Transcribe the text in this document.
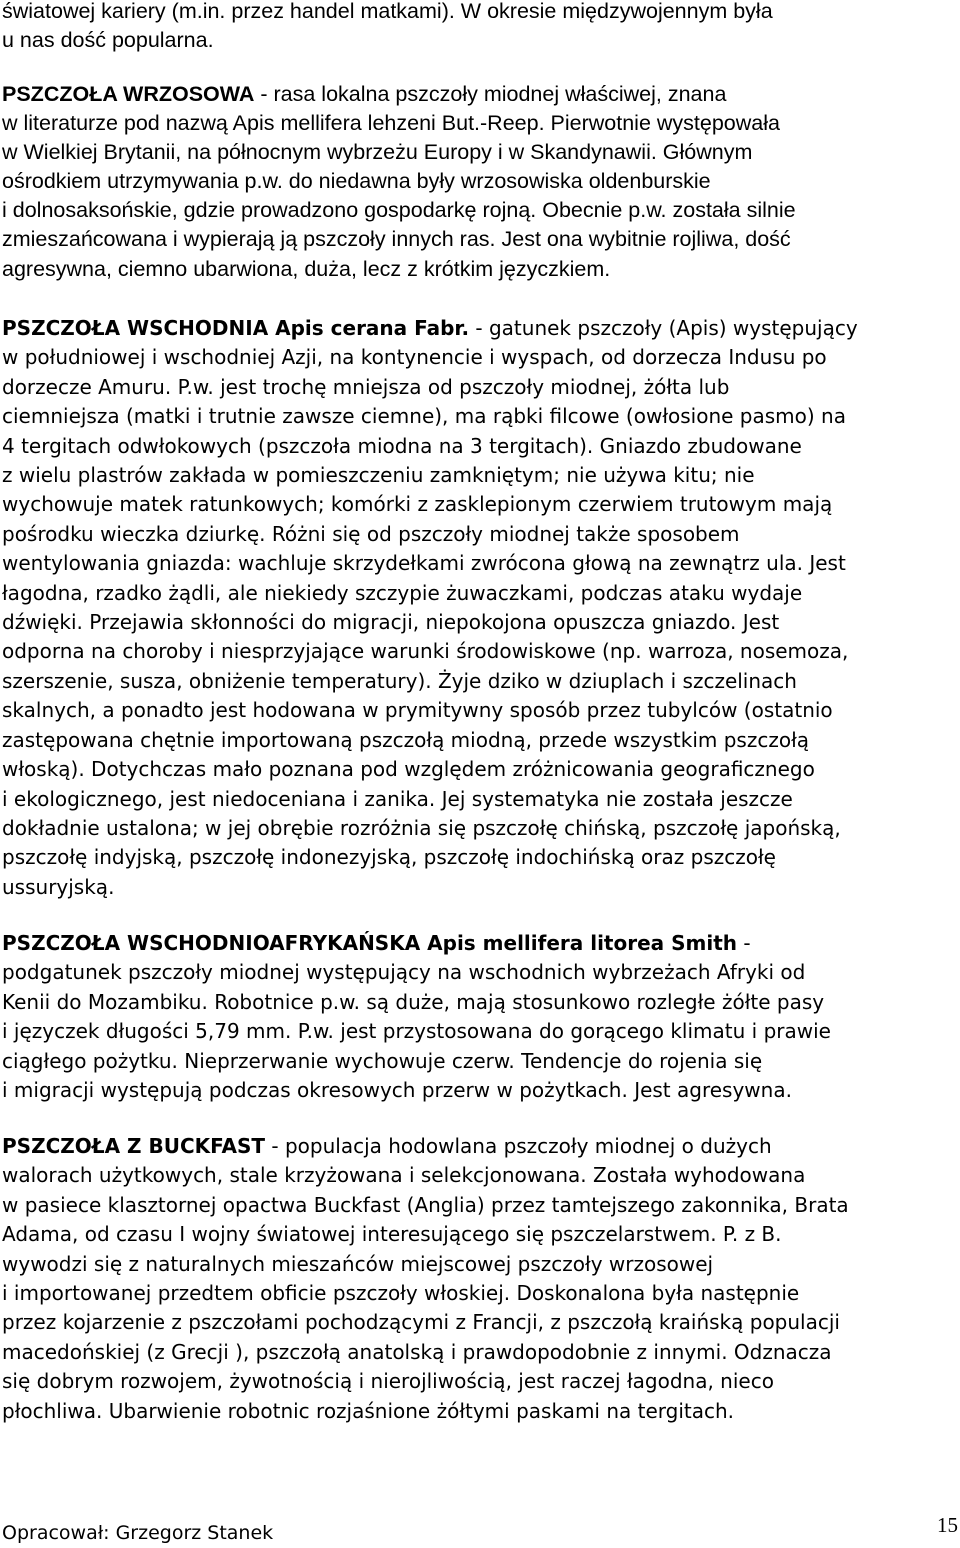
światowej kariery (m.in. przez handel matkami). W okresie międzywojennym była
u nas dość popularna.

PSZCZOŁA WRZOSOWA - rasa lokalna pszczoły miodnej właściwej, znana
w literaturze pod nazwą Apis mellifera lehzeni But.-Reep. Pierwotnie występowała
w Wielkiej Brytanii, na północnym wybrzeżu Europy i w Skandynawii. Głównym
ośrodkiem utrzymywania p.w. do niedawna były wrzosowiska oldenburskie
i dolnosaksońskie, gdzie prowadzono gospodarkę rojną. Obecnie p.w. została silnie
zmieszańcowana i wypierają ją pszczoły innych ras. Jest ona wybitnie rojliwa, dość
agresywna, ciemno ubarwiona, duża, lecz z krótkim języczkiem.

PSZCZOŁA WSCHODNIA Apis cerana Fabr. - gatunek pszczoły (Apis) występujący
w południowej i wschodniej Azji, na kontynencie i wyspach, od dorzecza Indusu po
dorzecze Amuru. P.w. jest trochę mniejsza od pszczoły miodnej, żółta lub
ciemniejsza (matki i trutnie zawsze ciemne), ma rąbki filcowe (owłosione pasmo) na
4 tergitach odwłokowych (pszczoła miodna na 3 tergitach). Gniazdo zbudowane
z wielu plastrów zakłada w pomieszczeniu zamkniętym; nie używa kitu; nie
wychowuje matek ratunkowych; komórki z zasklepionym czerwiem trutowym mają
pośrodku wieczka dziurkę. Różni się od pszczoły miodnej także sposobem
wentylowania gniazda: wachluje skrzydełkami zwrócona głową na zewnątrz ula. Jest
łagodna, rzadko żądli, ale niekiedy szczypie żuwaczkami, podczas ataku wydaje
dźwięki. Przejawia skłonności do migracji, niepokojona opuszcza gniazdo. Jest
odporna na choroby i niesprzyjające warunki środowiskowe (np. warroza, nosemoza,
szerszenie, susza, obniżenie temperatury). Żyje dziko w dziuplach i szczelinach
skalnych, a ponadto jest hodowana w prymitywny sposób przez tubylców (ostatnio
zastępowana chętnie importowaną pszczołą miodną, przede wszystkim pszczołą
włoską). Dotychczas mało poznana pod względem zróżnicowania geograficznego
i ekologicznego, jest niedoceniana i zanika. Jej systematyka nie została jeszcze
dokładnie ustalona; w jej obrębie rozróżnia się pszczołę chińską, pszczołę japońską,
pszczołę indyjską, pszczołę indonezyjską, pszczołę indochińską oraz pszczołę
ussuryjską.

PSZCZOŁA WSCHODNIOAFRYKAŃSKA Apis mellifera litorea Smith -
podgatunek pszczoły miodnej występujący na wschodnich wybrzeżach Afryki od
Kenii do Mozambiku. Robotnice p.w. są duże, mają stosunkowo rozległe żółte pasy
i języczek długości 5,79 mm. P.w. jest przystosowana do gorącego klimatu i prawie
ciągłego pożytku. Nieprzerwanie wychowuje czerw. Tendencje do rojenia się
i migracji występują podczas okresowych przerw w pożytkach. Jest agresywna.

PSZCZOŁA Z BUCKFAST - populacja hodowlana pszczoły miodnej o dużych
walorach użytkowych, stale krzyżowana i selekcjonowana. Została wyhodowana
w pasiece klasztornej opactwa Buckfast (Anglia) przez tamtejszego zakonnika, Brata
Adama, od czasu I wojny światowej interesującego się pszczelarstwem. P. z B.
wywodzi się z naturalnych mieszańców miejscowej pszczoły wrzosowej
i importowanej przedtem obficie pszczoły włoskiej. Doskonalona była następnie
przez kojarzenie z pszczołami pochodzącymi z Francji, z pszczołą kraińską populacji
macedońskiej (z Grecji ), pszczołą anatolską i prawdopodobnie z innymi. Odznacza
się dobrym rozwojem, żywotnością i nierojliwością, jest raczej łagodna, nieco
płochliwa. Ubarwienie robotnic rozjaśnione żółtymi paskami na tergitach.

Opracował: Grzegorz Stanek	15
